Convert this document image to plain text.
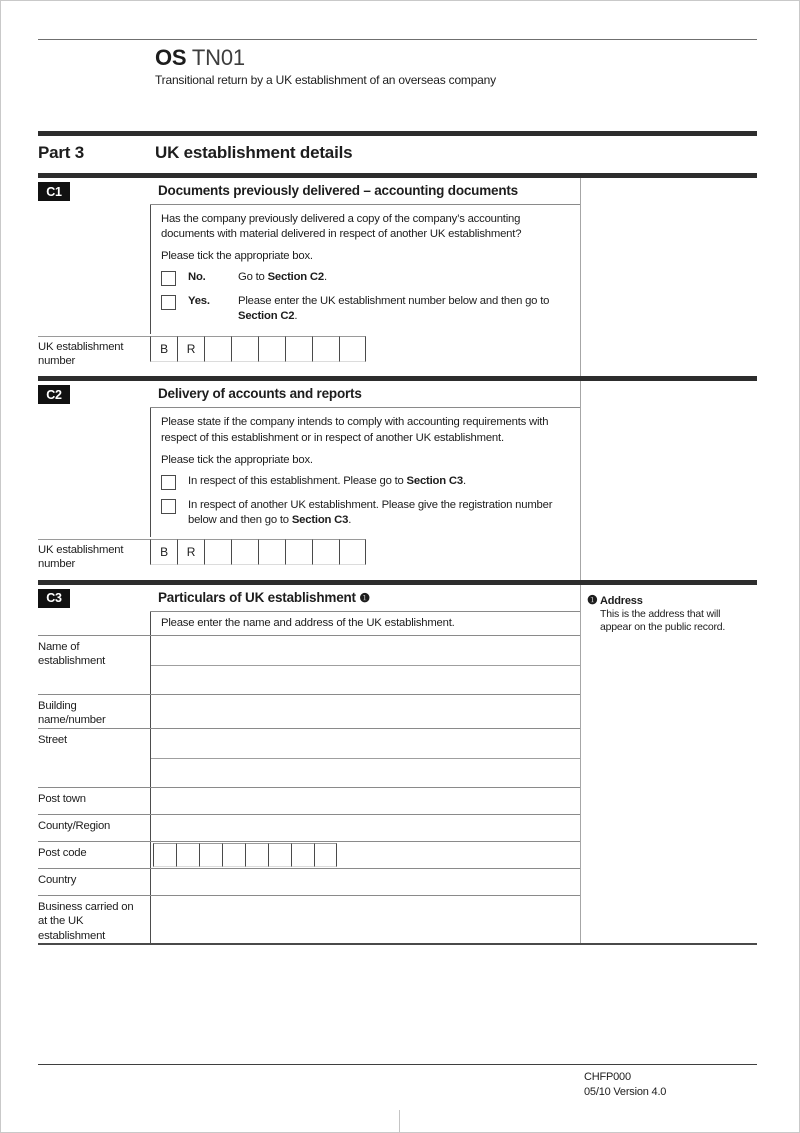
OS TN01
Transitional return by a UK establishment of an overseas company
Part 3	UK establishment details
C1	Documents previously delivered – accounting documents

Has the company previously delivered a copy of the company’s accounting documents with material delivered in respect of another UK establishment?

Please tick the appropriate box.

No.	Go to Section C2.
Yes.	Please enter the UK establishment number below and then go to Section C2.
UK establishment number
B	R
C2	Delivery of accounts and reports

Please state if the company intends to comply with accounting requirements with respect of this establishment or in respect of another UK establishment.

Please tick the appropriate box.

In respect of this establishment. Please go to Section C3.
In respect of another UK establishment. Please give the registration number below and then go to Section C3.
UK establishment number
B	R
C3	Particulars of UK establishment ❶

Please enter the name and address of the UK establishment.

Name of establishment
Building name/number
Street
Post town
County/Region
Post code
Country
Business carried on at the UK establishment
❶ Address

This is the address that will appear on the public record.

CHFP000
05/10 Version 4.0
